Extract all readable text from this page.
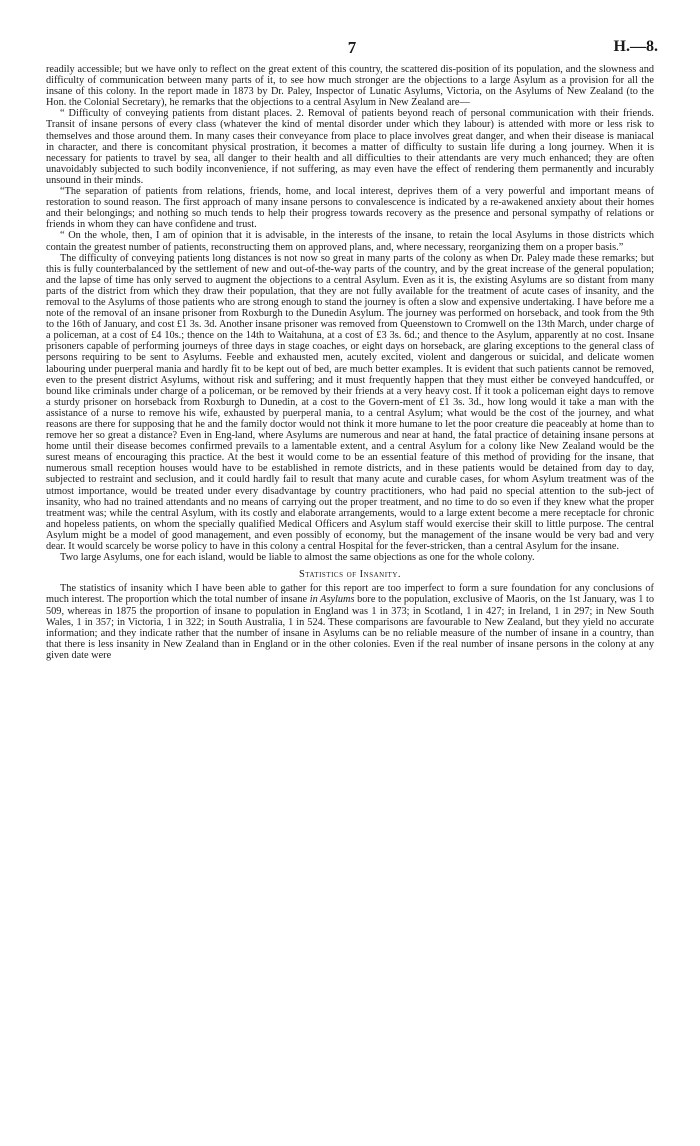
7	H.—8.

readily accessible; but we have only to reflect on the great extent of this country, the scattered dis-position of its population, and the slowness and difficulty of communication between many parts of it, to see how much stronger are the objections to a large Asylum as a provision for all the insane of this colony. In the report made in 1873 by Dr. Paley, Inspector of Lunatic Asylums, Victoria, on the Asylums of New Zealand (to the Hon. the Colonial Secretary), he remarks that the objections to a central Asylum in New Zealand are—

“ Difficulty of conveying patients from distant places. 2. Removal of patients beyond reach of personal communication with their friends. Transit of insane persons of every class (whatever the kind of mental disorder under which they labour) is attended with more or less risk to themselves and those around them. In many cases their conveyance from place to place involves great danger, and when their disease is maniacal in character, and there is concomitant physical prostration, it becomes a matter of difficulty to sustain life during a long journey. When it is necessary for patients to travel by sea, all danger to their health and all difficulties to their attendants are very much enhanced; they are often unavoidably subjected to such bodily inconvenience, if not suffering, as may even have the effect of rendering them permanently and incurably unsound in their minds.

“The separation of patients from relations, friends, home, and local interest, deprives them of a very powerful and important means of restoration to sound reason. The first approach of many insane persons to convalescence is indicated by a re-awakened anxiety about their homes and their belongings; and nothing so much tends to help their progress towards recovery as the presence and personal sympathy of relations or friends in whom they can have confidene and trust.

“ On the whole, then, I am of opinion that it is advisable, in the interests of the insane, to retain the local Asylums in those districts which contain the greatest number of patients, reconstructing them on approved plans, and, where necessary, reorganizing them on a proper basis.”

The difficulty of conveying patients long distances is not now so great in many parts of the colony as when Dr. Paley made these remarks; but this is fully counterbalanced by the settlement of new and out-of-the-way parts of the country, and by the great increase of the general population; and the lapse of time has only served to augment the objections to a central Asylum. Even as it is, the existing Asylums are so distant from many parts of the district from which they draw their population, that they are not fully available for the treatment of acute cases of insanity, and the removal to the Asylums of those patients who are strong enough to stand the journey is often a slow and expensive undertaking. I have before me a note of the removal of an insane prisoner from Roxburgh to the Dunedin Asylum. The journey was performed on horseback, and took from the 9th to the 16th of January, and cost £1 3s. 3d. Another insane prisoner was removed from Queenstown to Cromwell on the 13th March, under charge of a policeman, at a cost of £4 10s.; thence on the 14th to Waitahuna, at a cost of £3 3s. 6d.; and thence to the Asylum, apparently at no cost. Insane prisoners capable of performing journeys of three days in stage coaches, or eight days on horseback, are glaring exceptions to the general class of persons requiring to be sent to Asylums. Feeble and exhausted men, acutely excited, violent and dangerous or suicidal, and delicate women labouring under puerperal mania and hardly fit to be kept out of bed, are much better examples. It is evident that such patients cannot be removed, even to the present district Asylums, without risk and suffering; and it must frequently happen that they must either be conveyed handcuffed, or bound like criminals under charge of a policeman, or be removed by their friends at a very heavy cost. If it took a policeman eight days to remove a sturdy prisoner on horseback from Roxburgh to Dunedin, at a cost to the Govern-ment of £1 3s. 3d., how long would it take a man with the assistance of a nurse to remove his wife, exhausted by puerperal mania, to a central Asylum; what would be the cost of the journey, and what reasons are there for supposing that he and the family doctor would not think it more humane to let the poor creature die peaceably at home than to remove her so great a distance? Even in Eng-land, where Asylums are numerous and near at hand, the fatal practice of detaining insane persons at home until their disease becomes confirmed prevails to a lamentable extent, and a central Asylum for a colony like New Zealand would be the surest means of encouraging this practice. At the best it would come to be an essential feature of this method of providing for the insane, that numerous small reception houses would have to be established in remote districts, and in these patients would be detained from day to day, subjected to restraint and seclusion, and it could hardly fail to result that many acute and curable cases, for whom Asylum treatment was of the utmost importance, would be treated under every disadvantage by country practitioners, who had paid no special attention to the sub-ject of insanity, who had no trained attendants and no means of carrying out the proper treatment, and no time to do so even if they knew what the proper treatment was; while the central Asylum, with its costly and elaborate arrangements, would to a large extent become a mere receptacle for chronic and hopeless patients, on whom the specially qualified Medical Officers and Asylum staff would exercise their skill to little purpose. The central Asylum might be a model of good management, and even possibly of economy, but the management of the insane would be very bad and very dear. It would scarcely be worse policy to have in this colony a central Hospital for the fever-stricken, than a central Asylum for the insane.

Two large Asylums, one for each island, would be liable to almost the same objections as one for the whole colony.

Statistics of Insanity.

The statistics of insanity which I have been able to gather for this report are too imperfect to form a sure foundation for any conclusions of much interest. The proportion which the total number of insane in Asylums bore to the population, exclusive of Maoris, on the 1st January, was 1 to 509, whereas in 1875 the proportion of insane to population in England was 1 in 373; in Scotland, 1 in 427; in Ireland, 1 in 297; in New South Wales, 1 in 357; in Victoria, 1 in 322; in South Australia, 1 in 524. These comparisons are favourable to New Zealand, but they yield no accurate information; and they indicate rather that the number of insane in Asylums can be no reliable measure of the number of insane in a country, than that there is less insanity in New Zealand than in England or in the other colonies. Even if the real number of insane persons in the colony at any given date were
